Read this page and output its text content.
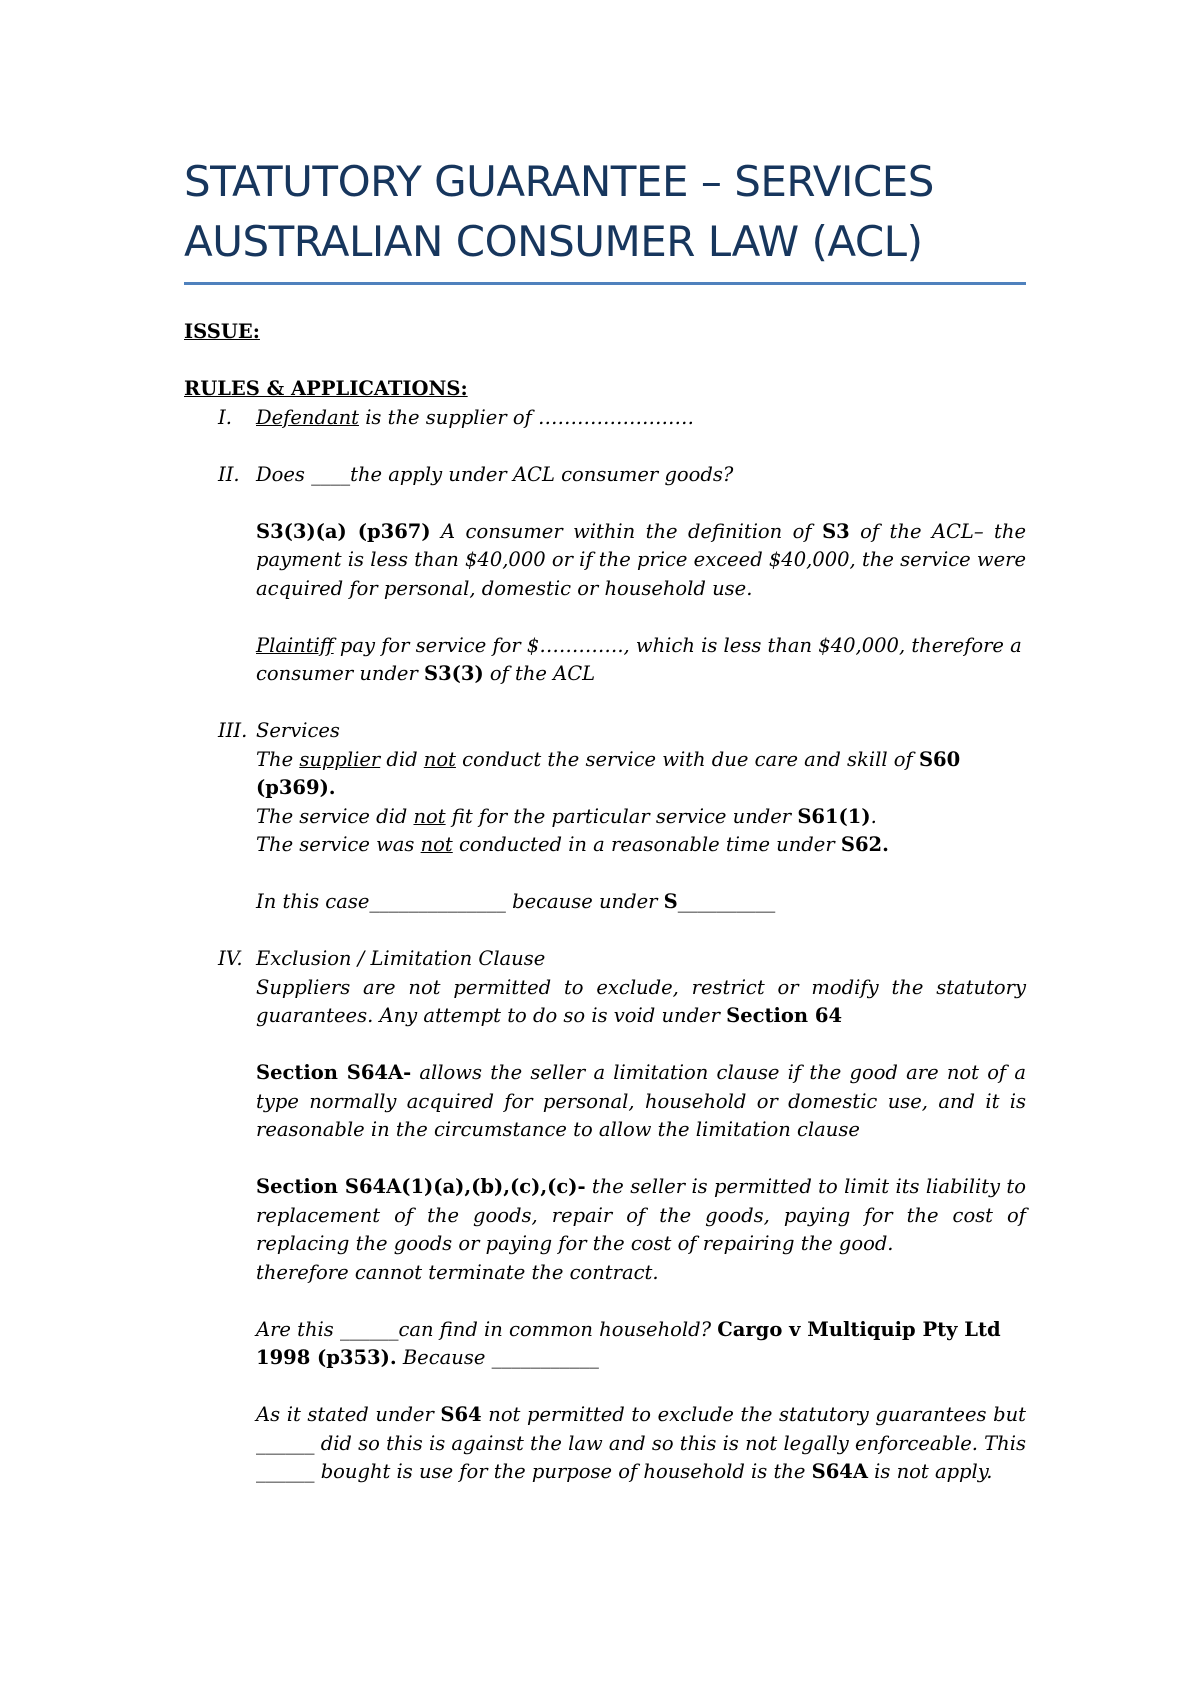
STATUTORY GUARANTEE – SERVICES
AUSTRALIAN CONSUMER LAW (ACL)
ISSUE:
RULES & APPLICATIONS:
I. Defendant is the supplier of ……………………
II. Does ____the apply under ACL consumer goods?
S3(3)(a) (p367) A consumer within the definition of S3 of the ACL– the payment is less than $40,000 or if the price exceed $40,000, the service were acquired for personal, domestic or household use.
Plaintiff pay for service for $…………., which is less than $40,000, therefore a consumer under S3(3) of the ACL
III. Services
The supplier did not conduct the service with due care and skill of S60
(p369).
The service did not fit for the particular service under S61(1).
The service was not conducted in a reasonable time under S62.
In this case______________ because under S__________
IV. Exclusion / Limitation Clause
Suppliers are not permitted to exclude, restrict or modify the statutory guarantees. Any attempt to do so is void under Section 64
Section S64A- allows the seller a limitation clause if the good are not of a type normally acquired for personal, household or domestic use, and it is reasonable in the circumstance to allow the limitation clause
Section S64A(1)(a),(b),(c),(c)- the seller is permitted to limit its liability to replacement of the goods, repair of the goods, paying for the cost of replacing the goods or paying for the cost of repairing the good.
therefore cannot terminate the contract.
Are this ______can find in common household? Cargo v Multiquip Pty Ltd 1998 (p353). Because ___________
As it stated under S64 not permitted to exclude the statutory guarantees but ______ did so this is against the law and so this is not legally enforceable. This ______ bought is use for the purpose of household is the S64A is not apply.
